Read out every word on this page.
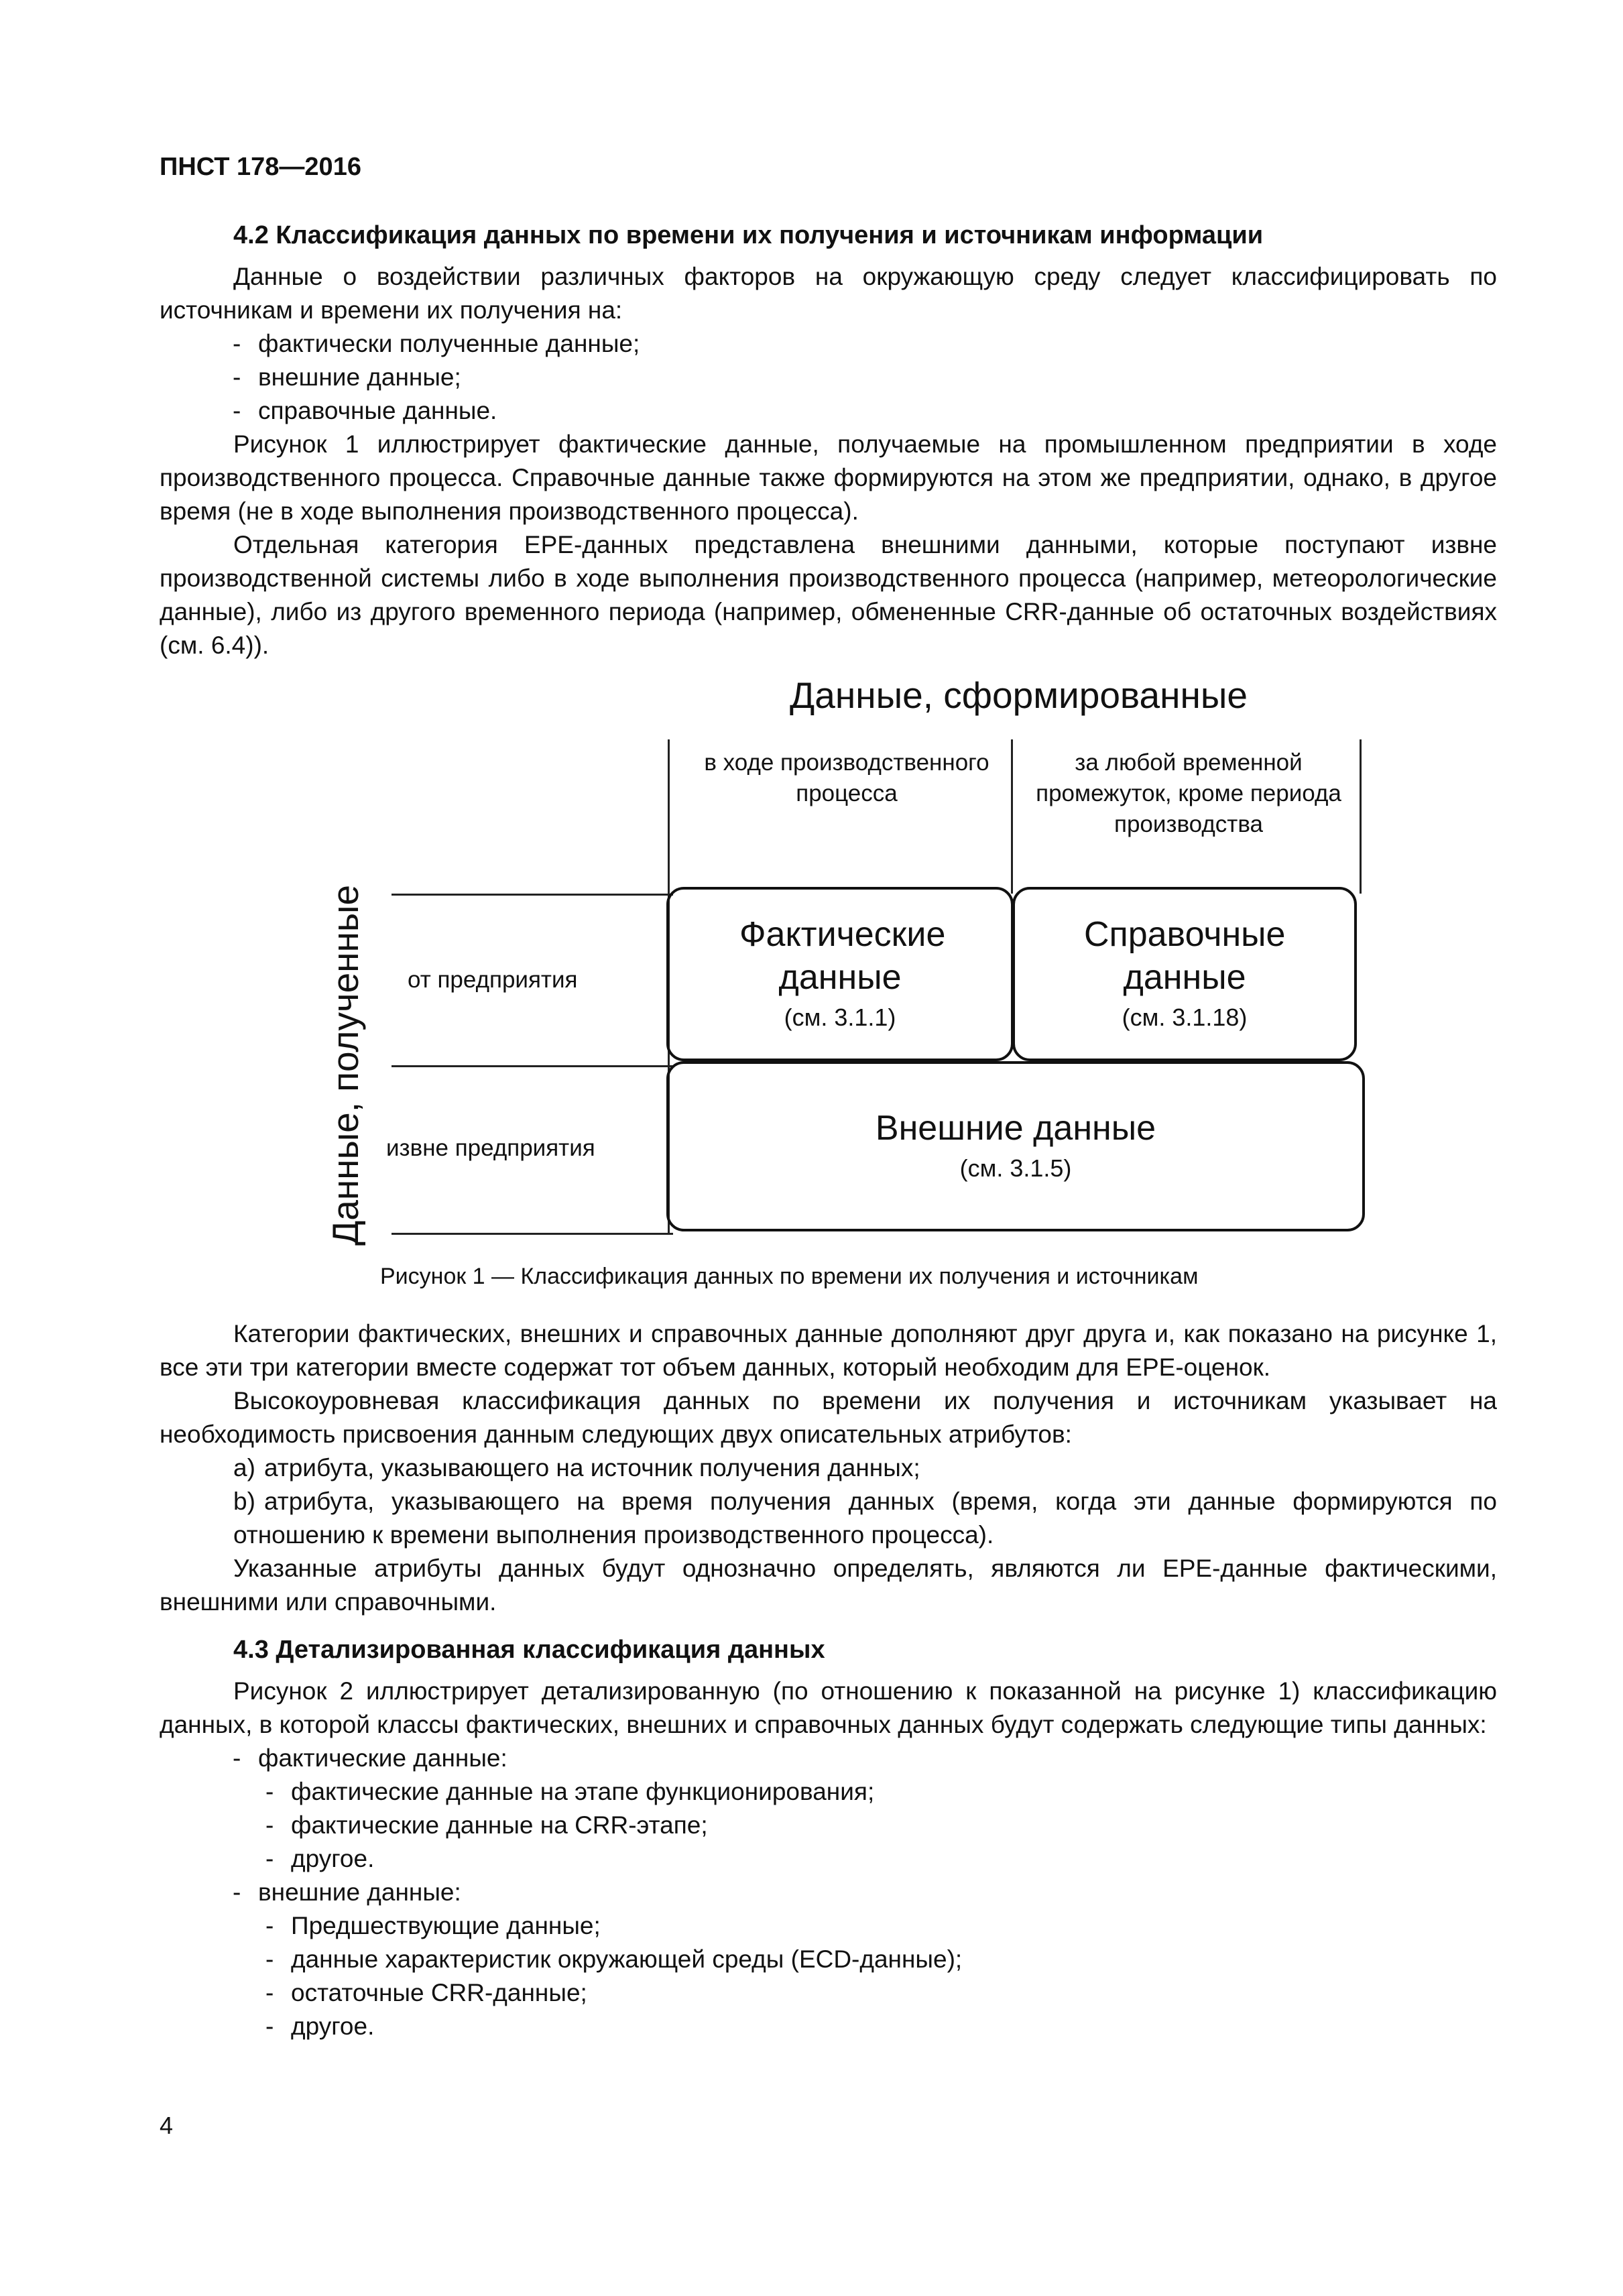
ПНСТ 178—2016
4.2 Классификация данных по времени их получения и источникам информации

Данные о воздействии различных факторов на окружающую среду следует классифицировать по источникам и времени их получения на:

- фактически полученные данные;
- внешние данные;
- справочные данные.

Рисунок 1 иллюстрирует фактические данные, получаемые на промышленном предприятии в ходе производственного процесса. Справочные данные также формируются на этом же предприятии, однако, в другое время (не в ходе выполнения производственного процесса).

Отдельная категория EPE-данных представлена внешними данными, которые поступают извне производственной системы либо в ходе выполнения производственного процесса (например, метеорологические данные), либо из другого временного периода (например, обмененные CRR-данные об остаточных воздействиях (см. 6.4)).

Данные, сформированные
в ходе производственного процесса
за любой временной промежуток, кроме периода производства
от предприятия
извне предприятия
Данные, полученные	Фактические данные
(см. 3.1.1)
Справочные данные
(см. 3.1.18)
Внешние данные
(см. 3.1.5)
Рисунок 1 — Классификация данных по времени их получения и источникам

Категории фактических, внешних и справочных данные дополняют друг друга и, как показано на рисунке 1, все эти три категории вместе содержат тот объем данных, который необходим для EPE-оценок.

Высокоуровневая классификация данных по времени их получения и источникам указывает на необходимость присвоения данным следующих двух описательных атрибутов:

a) атрибута, указывающего на источник получения данных;

b) атрибута, указывающего на время получения данных (время, когда эти данные формируются по отношению к времени выполнения производственного процесса).

Указанные атрибуты данных будут однозначно определять, являются ли EPE-данные фактическими, внешними или справочными.

4.3 Детализированная классификация данных

Рисунок 2 иллюстрирует детализированную (по отношению к показанной на рисунке 1) классификацию данных, в которой классы фактических, внешних и справочных данных будут содержать следующие типы данных:

- фактические данные:
- фактические данные на этапе функционирования;
- фактические данные на CRR-этапе;
- другое.
- внешние данные:
- Предшествующие данные;
- данные характеристик окружающей среды (ECD-данные);
- остаточные CRR-данные;
- другое.
4
